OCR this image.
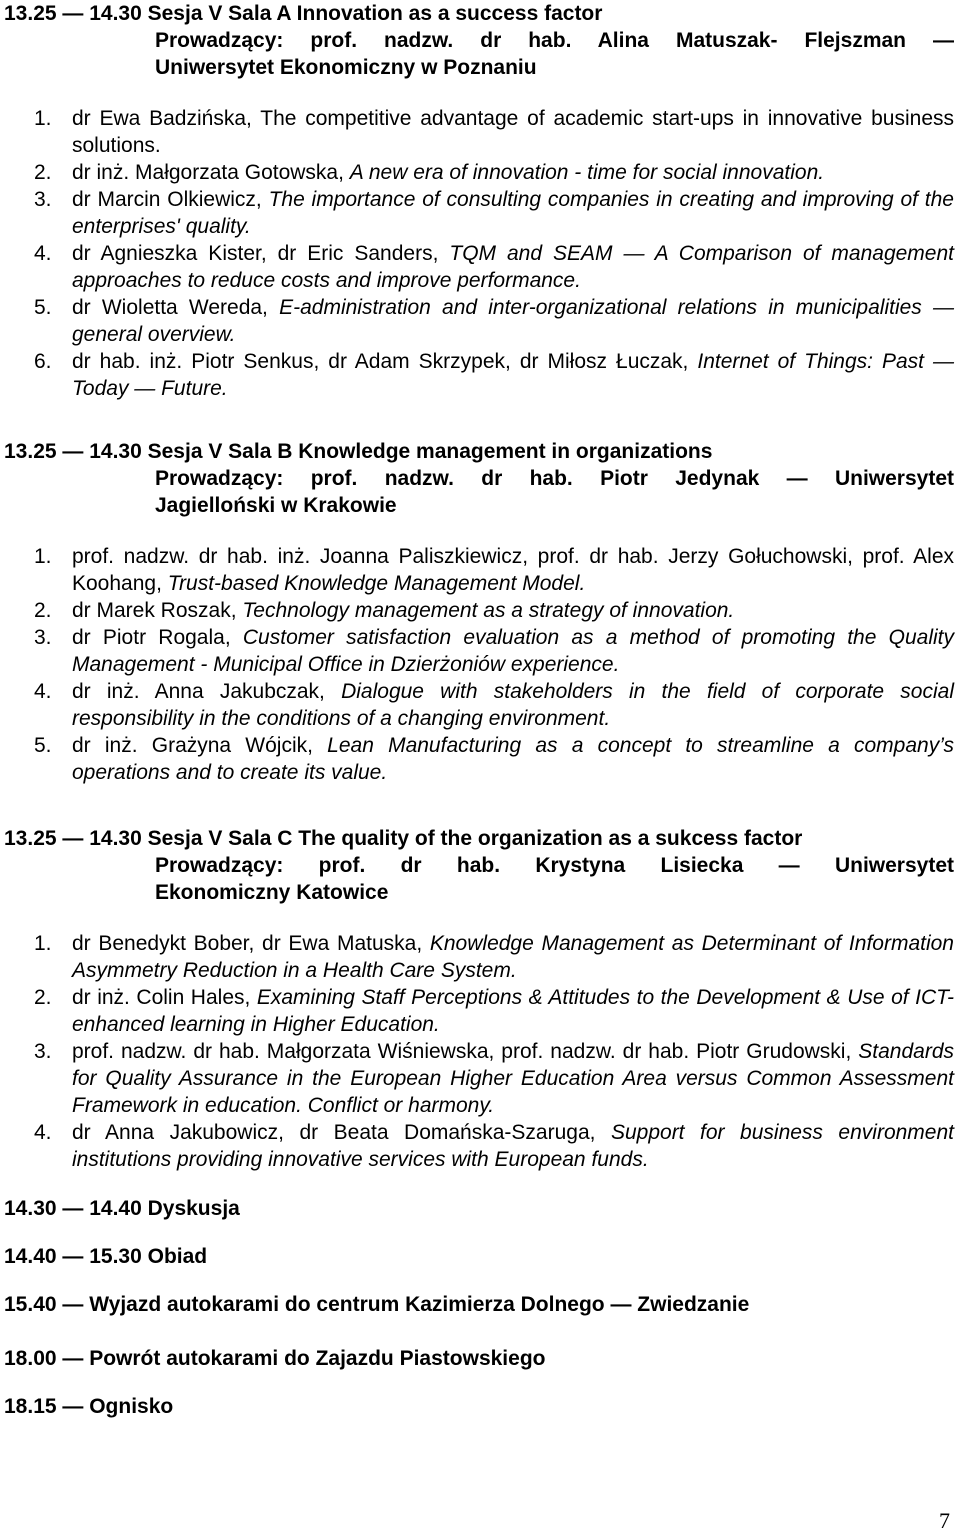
13.25 — 14.30 Sesja V Sala A Innovation as a success factor
Prowadzący: prof. nadzw. dr hab. Alina Matuszak- Flejszman —
Uniwersytet Ekonomiczny w Poznaniu
1. dr Ewa Badzińska, The competitive advantage of academic start-ups in innovative business solutions.
2. dr inż. Małgorzata Gotowska, A new era of innovation - time for social innovation.
3. dr Marcin Olkiewicz, The importance of consulting companies in creating and improving of the enterprises' quality.
4. dr Agnieszka Kister, dr Eric Sanders, TQM and SEAM — A Comparison of management approaches to reduce costs and improve performance.
5. dr Wioletta Wereda, E-administration and inter-organizational relations in municipalities — general overview.
6. dr hab. inż. Piotr Senkus, dr Adam Skrzypek, dr Miłosz Łuczak, Internet of Things: Past — Today — Future.
13.25 — 14.30 Sesja V Sala B Knowledge management in organizations
Prowadzący: prof. nadzw. dr hab. Piotr Jedynak — Uniwersytet
Jagielloński w Krakowie
1. prof. nadzw. dr hab. inż. Joanna Paliszkiewicz, prof. dr hab. Jerzy Gołuchowski, prof. Alex Koohang, Trust-based Knowledge Management Model.
2. dr Marek Roszak, Technology management as a strategy of innovation.
3. dr Piotr Rogala, Customer satisfaction evaluation as a method of promoting the Quality Management - Municipal Office in Dzierżoniów experience.
4. dr inż. Anna Jakubczak, Dialogue with stakeholders in the field of corporate social responsibility in the conditions of a changing environment.
5. dr inż. Grażyna Wójcik, Lean Manufacturing as a concept to streamline a company’s operations and to create its value.
13.25 — 14.30 Sesja V Sala C The quality of the organization as a sukcess factor
Prowadzący: prof. dr hab. Krystyna Lisiecka — Uniwersytet
Ekonomiczny Katowice
1. dr Benedykt Bober, dr Ewa Matuska, Knowledge Management as Determinant of Information Asymmetry Reduction in a Health Care System.
2. dr inż. Colin Hales, Examining Staff Perceptions & Attitudes to the Development & Use of ICT-enhanced learning in Higher Education.
3. prof. nadzw. dr hab. Małgorzata Wiśniewska, prof. nadzw. dr hab. Piotr Grudowski, Standards for Quality Assurance in the European Higher Education Area versus Common Assessment Framework in education. Conflict or harmony.
4. dr Anna Jakubowicz, dr Beata Domańska-Szaruga, Support for business environment institutions providing innovative services with European funds.
14.30 — 14.40 Dyskusja
14.40 — 15.30 Obiad
15.40 — Wyjazd autokarami do centrum Kazimierza Dolnego — Zwiedzanie
18.00 — Powrót autokarami do Zajazdu Piastowskiego
18.15 — Ognisko
7
